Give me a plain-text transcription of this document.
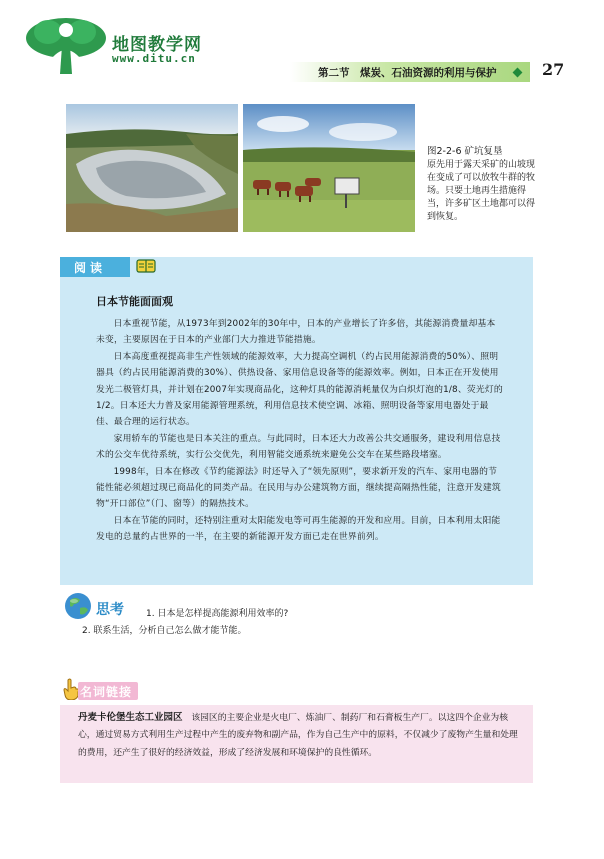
地图教学网
www.ditu.cn
第二节　煤炭、石油资源的利用与保护	27
图2-2-6 矿坑复垦
原先用于露天采矿的山坡现在变成了可以放牧牛群的牧场。只要土地再生措施得当，许多矿区土地都可以得到恢复。
阅读
日本节能面面观

日本重视节能，从1973年到2002年的30年中，日本的产业增长了许多倍，其能源消费量却基本未变，主要原因在于日本的产业部门大力推进节能措施。

日本高度重视提高非生产性领域的能源效率，大力提高空调机（约占民用能源消费的50%）、照明器具（约占民用能源消费的30%）、供热设备、家用信息设备等的能源效率。例如，日本正在开发使用发光二极管灯具，并计划在2007年实现商品化，这种灯具的能源消耗量仅为白炽灯泡的1/8、荧光灯的1/2。日本还大力普及家用能源管理系统，利用信息技术使空调、冰箱、照明设备等家用电器处于最佳、最合理的运行状态。

家用轿车的节能也是日本关注的重点。与此同时，日本还大力改善公共交通服务，建设利用信息技术的公交车优待系统，实行公交优先，利用智能交通系统来避免公交车在某些路段堵塞。

1998年，日本在修改《节约能源法》时还导入了“领先原则”，要求新开发的汽车、家用电器的节能性能必须超过现已商品化的同类产品。在民用与办公建筑物方面，继续提高隔热性能，注意开发建筑物“开口部位”（门、窗等）的隔热技术。

日本在节能的同时，还特别注重对太阳能发电等可再生能源的开发和应用。目前，日本利用太阳能发电的总量约占世界的一半，在主要的新能源开发方面已走在世界前列。

思考 1. 日本是怎样提高能源利用效率的?
2. 联系生活，分析自己怎么做才能节能。
名词链接
丹麦卡伦堡生态工业园区　 该园区的主要企业是火电厂、炼油厂、制药厂和石膏板生产厂。以这四个企业为核心，通过贸易方式利用生产过程中产生的废弃物和副产品，作为自己生产中的原料，不仅减少了废物产生量和处理的费用，还产生了很好的经济效益，形成了经济发展和环境保护的良性循环。
